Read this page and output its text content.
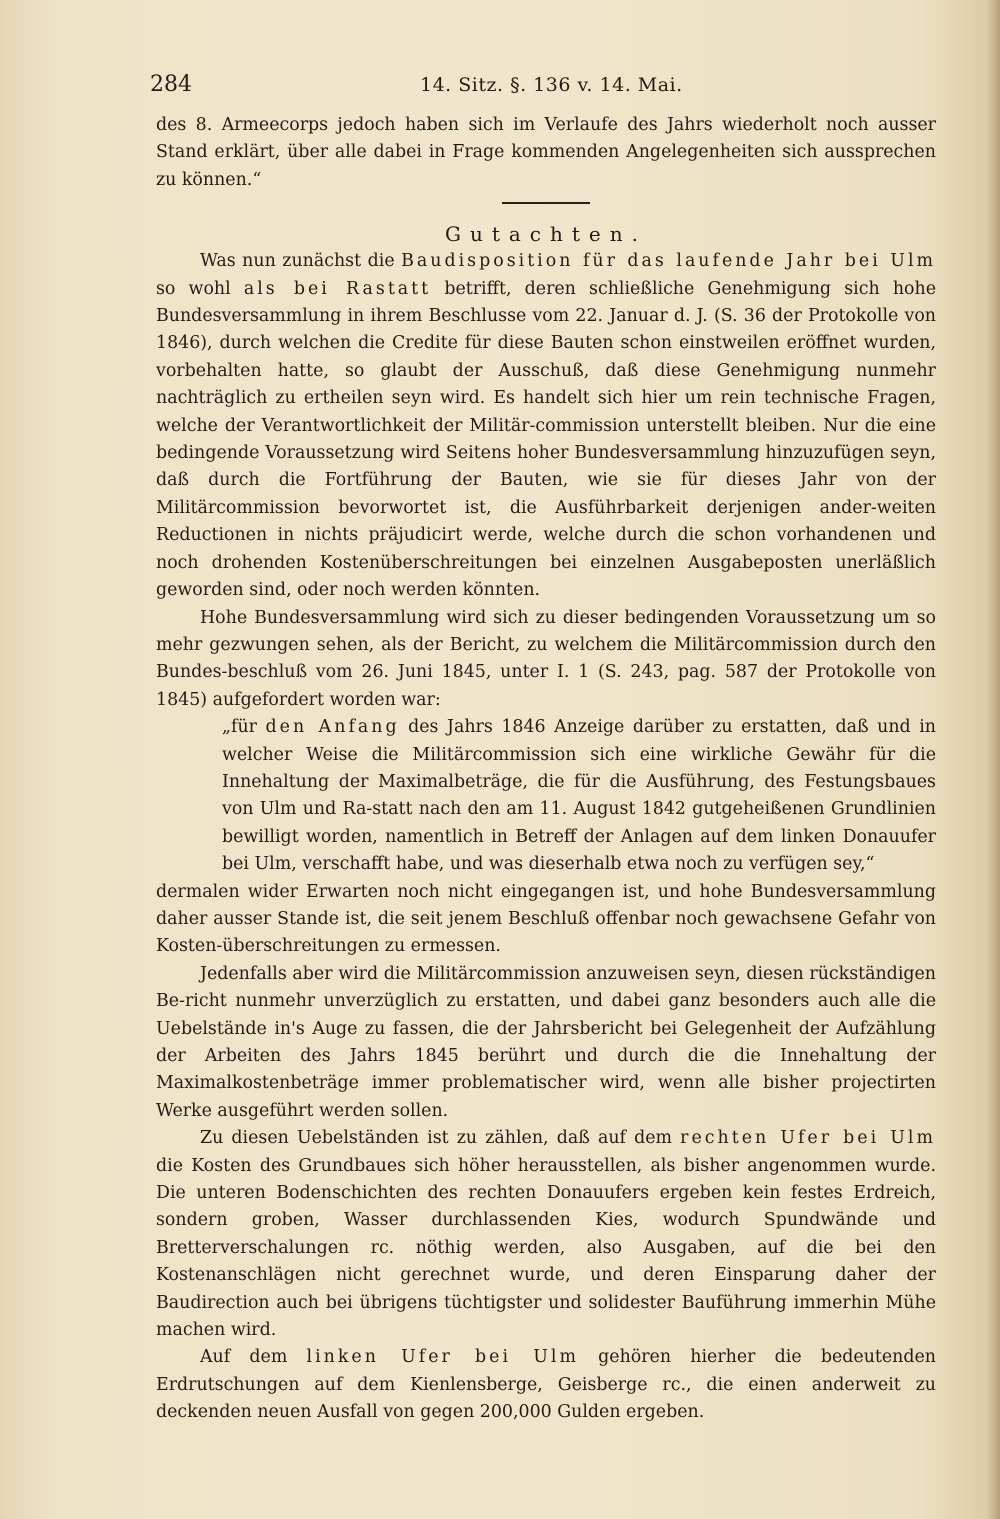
284	14. Sitz. §. 136 v. 14. Mai.

des 8. Armeecorps jedoch haben sich im Verlaufe des Jahrs wiederholt noch ausser Stand erklärt, über alle dabei in Frage kommenden Angelegenheiten sich aussprechen zu können.“

Gutachten.

Was nun zunächst die Baudisposition für das laufende Jahr bei Ulm so wohl als bei Rastatt betrifft, deren schließliche Genehmigung sich hohe Bundesversammlung in ihrem Beschlusse vom 22. Januar d. J. (S. 36 der Protokolle von 1846), durch welchen die Credite für diese Bauten schon einstweilen eröffnet wurden, vorbehalten hatte, so glaubt der Ausschuß, daß diese Genehmigung nunmehr nachträglich zu ertheilen seyn wird. Es handelt sich hier um rein technische Fragen, welche der Verantwortlichkeit der Militär-commission unterstellt bleiben. Nur die eine bedingende Voraussetzung wird Seitens hoher Bundesversammlung hinzuzufügen seyn, daß durch die Fortführung der Bauten, wie sie für dieses Jahr von der Militärcommission bevorwortet ist, die Ausführbarkeit derjenigen ander-weiten Reductionen in nichts präjudicirt werde, welche durch die schon vorhandenen und noch drohenden Kostenüberschreitungen bei einzelnen Ausgabeposten unerläßlich geworden sind, oder noch werden könnten.

Hohe Bundesversammlung wird sich zu dieser bedingenden Voraussetzung um so mehr gezwungen sehen, als der Bericht, zu welchem die Militärcommission durch den Bundes-beschluß vom 26. Juni 1845, unter I. 1 (S. 243, pag. 587 der Protokolle von 1845) aufgefordert worden war:

„für den Anfang des Jahrs 1846 Anzeige darüber zu erstatten, daß und in welcher Weise die Militärcommission sich eine wirkliche Gewähr für die Innehaltung der Maximalbeträge, die für die Ausführung, des Festungsbaues von Ulm und Ra-statt nach den am 11. August 1842 gutgeheißenen Grundlinien bewilligt worden, namentlich in Betreff der Anlagen auf dem linken Donauufer bei Ulm, verschafft habe, und was dieserhalb etwa noch zu verfügen sey,“

dermalen wider Erwarten noch nicht eingegangen ist, und hohe Bundesversammlung daher ausser Stande ist, die seit jenem Beschluß offenbar noch gewachsene Gefahr von Kosten-überschreitungen zu ermessen.

Jedenfalls aber wird die Militärcommission anzuweisen seyn, diesen rückständigen Be-richt nunmehr unverzüglich zu erstatten, und dabei ganz besonders auch alle die Uebelstände in's Auge zu fassen, die der Jahrsbericht bei Gelegenheit der Aufzählung der Arbeiten des Jahrs 1845 berührt und durch die die Innehaltung der Maximalkostenbeträge immer problematischer wird, wenn alle bisher projectirten Werke ausgeführt werden sollen.

Zu diesen Uebelständen ist zu zählen, daß auf dem rechten Ufer bei Ulm die Kosten des Grundbaues sich höher herausstellen, als bisher angenommen wurde. Die unteren Bodenschichten des rechten Donauufers ergeben kein festes Erdreich, sondern groben, Wasser durchlassenden Kies, wodurch Spundwände und Bretterverschalungen rc. nöthig werden, also Ausgaben, auf die bei den Kostenanschlägen nicht gerechnet wurde, und deren Einsparung daher der Baudirection auch bei übrigens tüchtigster und solidester Bauführung immerhin Mühe machen wird.

Auf dem linken Ufer bei Ulm gehören hierher die bedeutenden Erdrutschungen auf dem Kienlensberge, Geisberge rc., die einen anderweit zu deckenden neuen Ausfall von gegen 200,000 Gulden ergeben.
